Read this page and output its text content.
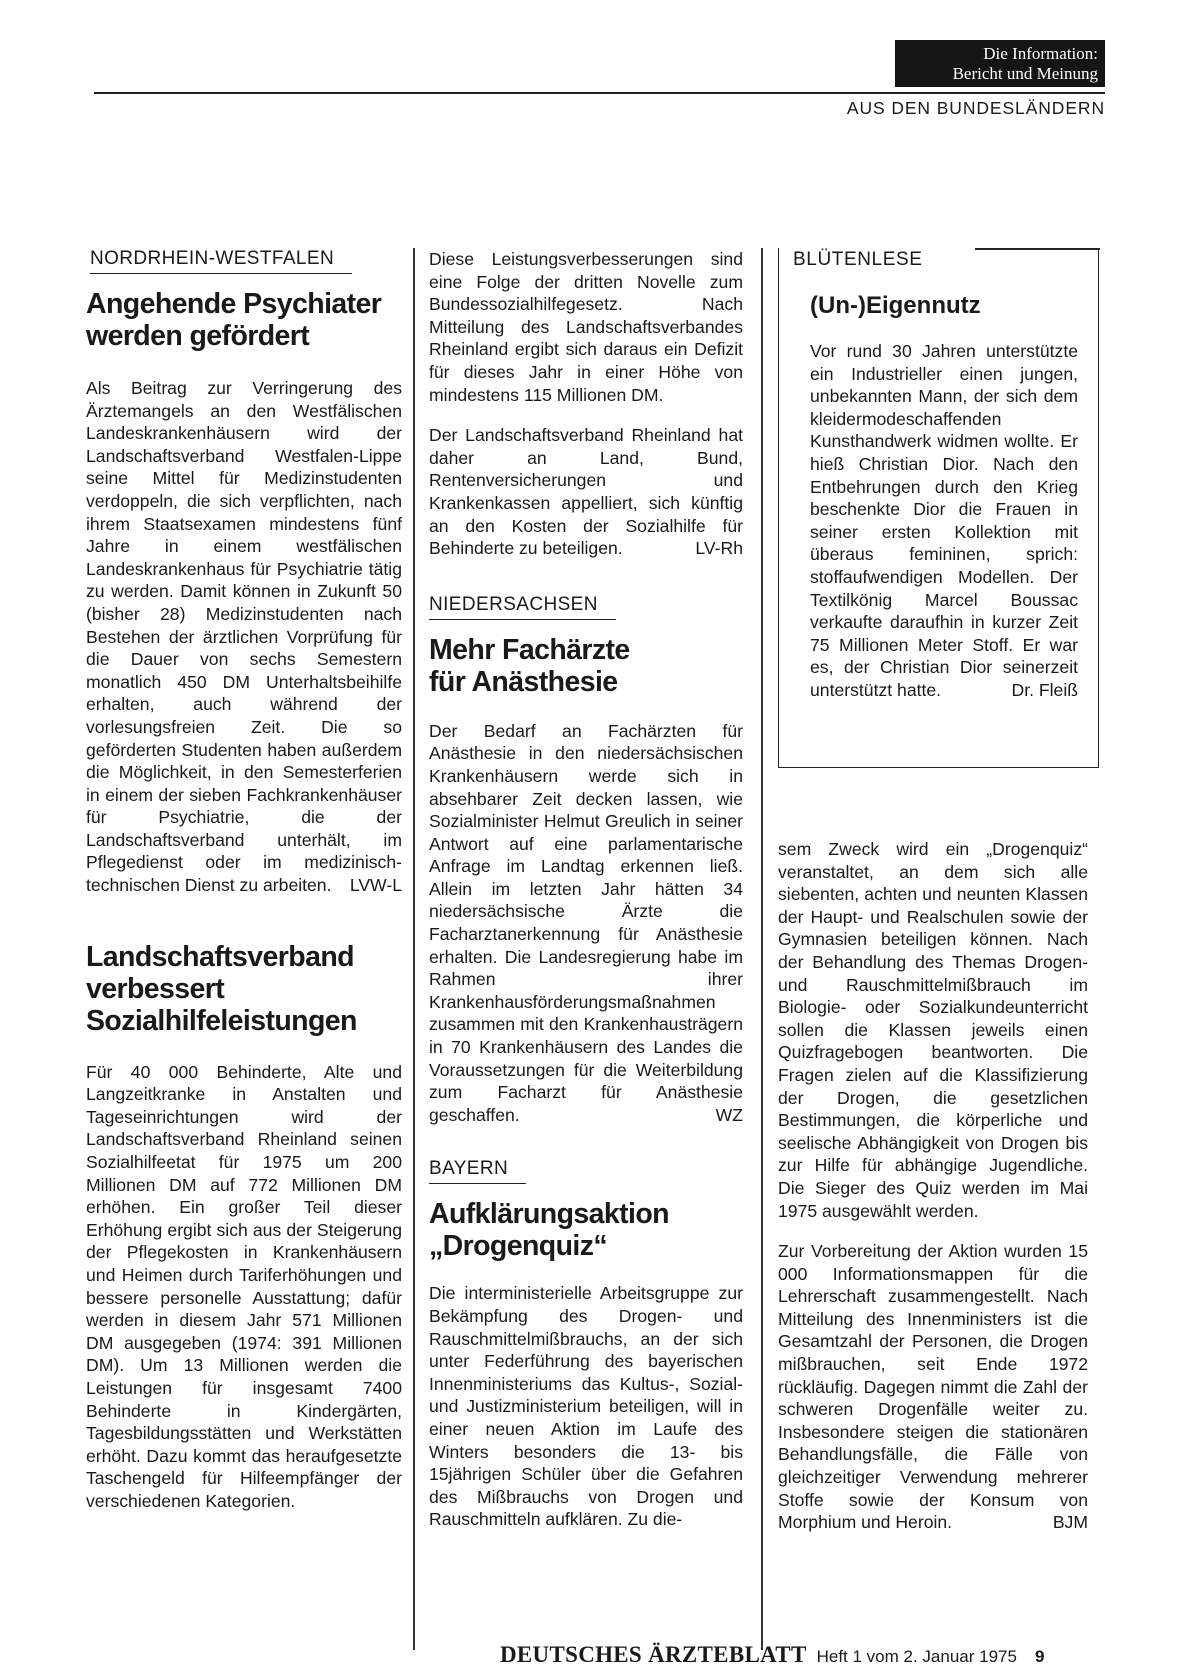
Die Information:
Bericht und Meinung
AUS DEN BUNDESLÄNDERN
NORDRHEIN-WESTFALEN
Angehende Psychiater
werden gefördert

Als Beitrag zur Verringerung des Ärztemangels an den Westfälischen Landeskrankenhäusern wird der Landschaftsverband Westfalen-Lippe seine Mittel für Medizinstudenten verdoppeln, die sich verpflichten, nach ihrem Staatsexamen mindestens fünf Jahre in einem westfälischen Landeskrankenhaus für Psychiatrie tätig zu werden. Damit können in Zukunft 50 (bisher 28) Medizinstudenten nach Bestehen der ärztlichen Vorprüfung für die Dauer von sechs Semestern monatlich 450 DM Unterhaltsbeihilfe erhalten, auch während der vorlesungsfreien Zeit. Die so geförderten Studenten haben außerdem die Möglichkeit, in den Semesterferien in einem der sieben Fachkrankenhäuser für Psychiatrie, die der Landschaftsverband unterhält, im Pflegedienst oder im medizinisch-technischen Dienst zu arbeiten.	LVW-L

Landschaftsverband
verbessert
Sozialhilfeleistungen

Für 40 000 Behinderte, Alte und Langzeitkranke in Anstalten und Tageseinrichtungen wird der Landschaftsverband Rheinland seinen Sozialhilfeetat für 1975 um 200 Millionen DM auf 772 Millionen DM erhöhen. Ein großer Teil dieser Erhöhung ergibt sich aus der Steigerung der Pflegekosten in Krankenhäusern und Heimen durch Tariferhöhungen und bessere personelle Ausstattung; dafür werden in diesem Jahr 571 Millionen DM ausgegeben (1974: 391 Millionen DM). Um 13 Millionen werden die Leistungen für insgesamt 7400 Behinderte in Kindergärten, Tagesbildungsstätten und Werkstätten erhöht. Dazu kommt das heraufgesetzte Taschengeld für Hilfeempfänger der verschiedenen Kategorien.

Diese Leistungsverbesserungen sind eine Folge der dritten Novelle zum Bundessozialhilfegesetz. Nach Mitteilung des Landschaftsverbandes Rheinland ergibt sich daraus ein Defizit für dieses Jahr in einer Höhe von mindestens 115 Millionen DM.

Der Landschaftsverband Rheinland hat daher an Land, Bund, Rentenversicherungen und Krankenkassen appelliert, sich künftig an den Kosten der Sozialhilfe für Behinderte zu beteiligen.	LV-Rh

NIEDERSACHSEN
Mehr Fachärzte
für Anästhesie

Der Bedarf an Fachärzten für Anästhesie in den niedersächsischen Krankenhäusern werde sich in absehbarer Zeit decken lassen, wie Sozialminister Helmut Greulich in seiner Antwort auf eine parlamentarische Anfrage im Landtag erkennen ließ. Allein im letzten Jahr hätten 34 niedersächsische Ärzte die Facharztanerkennung für Anästhesie erhalten. Die Landesregierung habe im Rahmen ihrer Krankenhausförderungsmaßnahmen zusammen mit den Krankenhausträgern in 70 Krankenhäusern des Landes die Voraussetzungen für die Weiterbildung zum Facharzt für Anästhesie geschaffen.	WZ

BAYERN
Aufklärungsaktion
„Drogenquiz“

Die interministerielle Arbeitsgruppe zur Bekämpfung des Drogen- und Rauschmittelmißbrauchs, an der sich unter Federführung des bayerischen Innenministeriums das Kultus-, Sozial- und Justizministerium beteiligen, will in einer neuen Aktion im Laufe des Winters besonders die 13- bis 15jährigen Schüler über die Gefahren des Mißbrauchs von Drogen und Rauschmitteln aufklären. Zu die-

BLÜTENLESE
(Un-)Eigennutz

Vor rund 30 Jahren unterstützte ein Industrieller einen jungen, unbekannten Mann, der sich dem kleidermodeschaffenden Kunsthandwerk widmen wollte. Er hieß Christian Dior. Nach den Entbehrungen durch den Krieg beschenkte Dior die Frauen in seiner ersten Kollektion mit überaus femininen, sprich: stoffaufwendigen Modellen. Der Textilkönig Marcel Boussac verkaufte daraufhin in kurzer Zeit 75 Millionen Meter Stoff. Er war es, der Christian Dior seinerzeit unterstützt hatte.	Dr. Fleiß

sem Zweck wird ein „Drogenquiz“ veranstaltet, an dem sich alle siebenten, achten und neunten Klassen der Haupt- und Realschulen sowie der Gymnasien beteiligen können. Nach der Behandlung des Themas Drogen- und Rauschmittelmißbrauch im Biologie- oder Sozialkundeunterricht sollen die Klassen jeweils einen Quizfragebogen beantworten. Die Fragen zielen auf die Klassifizierung der Drogen, die gesetzlichen Bestimmungen, die körperliche und seelische Abhängigkeit von Drogen bis zur Hilfe für abhängige Jugendliche. Die Sieger des Quiz werden im Mai 1975 ausgewählt werden.

Zur Vorbereitung der Aktion wurden 15 000 Informationsmappen für die Lehrerschaft zusammengestellt. Nach Mitteilung des Innenministers ist die Gesamtzahl der Personen, die Drogen mißbrauchen, seit Ende 1972 rückläufig. Dagegen nimmt die Zahl der schweren Drogenfälle weiter zu. Insbesondere steigen die stationären Behandlungsfälle, die Fälle von gleichzeitiger Verwendung mehrerer Stoffe sowie der Konsum von Morphium und Heroin.	BJM

DEUTSCHES ÄRZTEBLATT Heft 1 vom 2. Januar 1975 9
